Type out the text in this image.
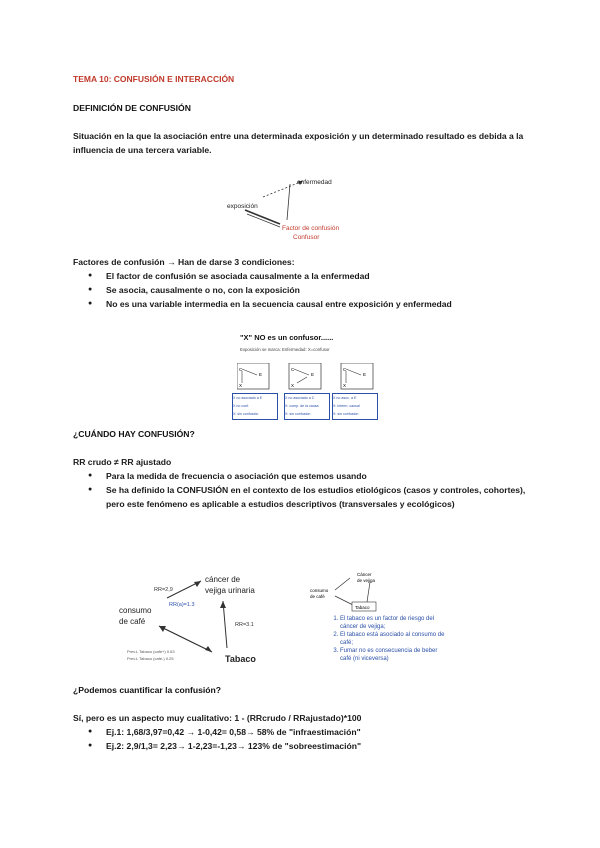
TEMA 10: CONFUSIÓN E INTERACCIÓN
DEFINICIÓN DE CONFUSIÓN
Situación en la que la asociación entre una determinada exposición y un determinado resultado es debida a la influencia de una tercera variable.
exposición
enfermedad
Factor de confusión
Confusor
Factores de confusión → Han de darse 3 condiciones:
● El factor de confusión se asociada causalmente a la enfermedad
● Se asocia, causalmente o no, con la exposición
● No es una variable intermedia en la secuencia causal entre exposición y enfermedad
"X" NO es un confusor......
Exposición se marca: Enfermedad: X=confusor
C
E
X
C
E
X
C
E
X
X no asociado a E
X no conf.
X: sin confusión
X no asociado a C
X: comp. de la causa
X: sin confusión
X no asoc. a E
X: interm. causal
X: sin confusión
¿CUÁNDO HAY CONFUSIÓN?
RR crudo ≠ RR ajustado
● Para la medida de frecuencia o asociación que estemos usando
● Se ha definido la CONFUSIÓN en el contexto de los estudios etiológicos (casos y controles, cohortes), pero este fenómeno es aplicable a estudios descriptivos (transversales y ecológicos)
RR=2,9
RR(a)=1.3
RR=3.1
cáncer de
vejiga urinaria
consumo
de café
Tabaco
Prev.L Tabaco (café+) 0.63
Prev.L Tabaco (café-) 0.25
Cáncer
de vejiga
consumo
de café
Tabaco
1. El tabaco es un factor de riesgo del cáncer de vejiga;
2. El tabaco está asociado al consumo de café;
3. Fumar no es consecuencia de beber café (ni viceversa)
¿Podemos cuantificar la confusión?
Sí, pero es un aspecto muy cualitativo: 1 - (RRcrudo / RRajustado)*100
● Ej.1: 1,68/3,97=0,42 → 1-0,42= 0,58→ 58% de "infraestimación"
● Ej.2: 2,9/1,3= 2,23→ 1-2,23=-1,23→ 123% de "sobreestimación"
